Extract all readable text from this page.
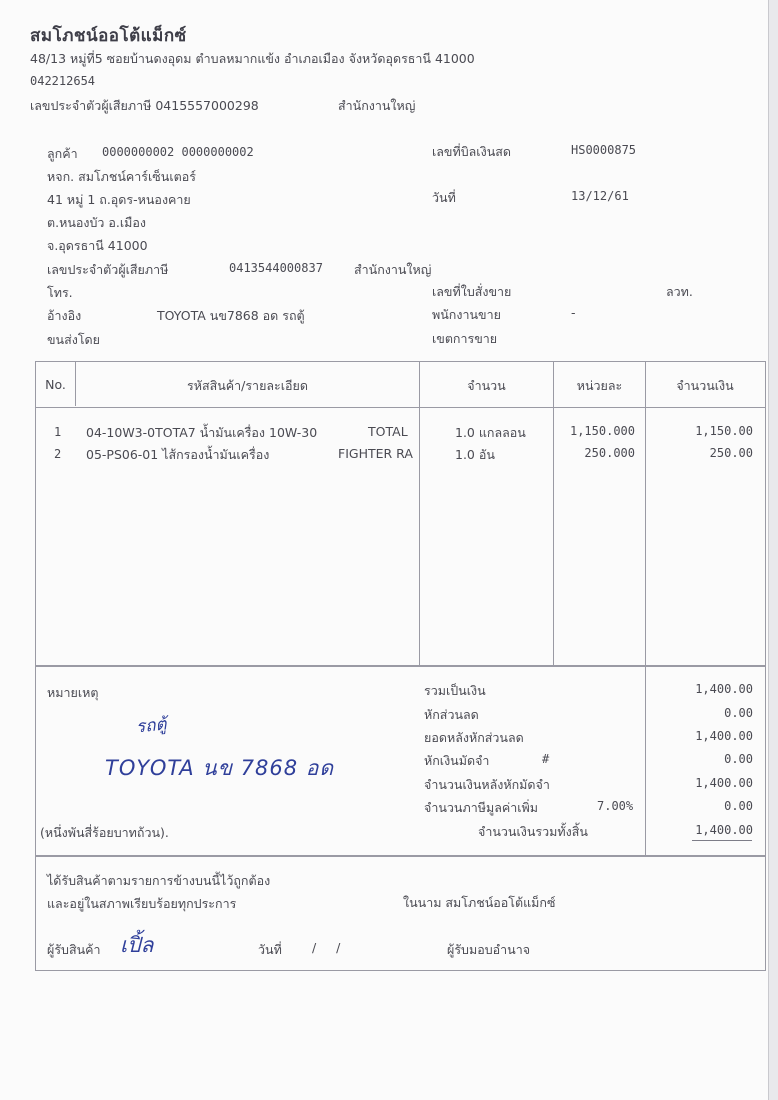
สมโภชน์ออโต้แม็กซ์
48/13 หมู่ที่5 ซอยบ้านดงอุดม ตำบลหมากแข้ง อำเภอเมือง จังหวัดอุดรธานี 41000
042212654
เลขประจำตัวผู้เสียภาษี 0415557000298	สำนักงานใหญ่
ลูกค้า 0000000002 0000000002
หจก. สมโภชน์คาร์เซ็นเตอร์
41 หมู่ 1 ถ.อุดร-หนองคาย
ต.หนองบัว อ.เมือง
จ.อุดรธานี 41000
เลขประจำตัวผู้เสียภาษี	0413544000837 สำนักงานใหญ่
โทร.
อ้างอิง	TOYOTA นข7868 อด รถตู้
ขนส่งโดย
เลขที่บิลเงินสด	HS0000875
วันที่	13/12/61
เลขที่ใบสั่งขาย	ลวท.
พนักงานขาย	-
เขตการขาย
No.	รหัสสินค้า/รายละเอียด	จำนวน	หน่วยละ	จำนวนเงิน
1 04-10W3-0TOTA7 น้ำมันเครื่อง 10W-30	TOTAL	1.0 แกลลอน	1,150.000	1,150.00
2 05-PS06-01 ไส้กรองน้ำมันเครื่อง	FIGHTER RA	1.0 อัน	250.000	250.00
หมายเหตุ
(หนึ่งพันสี่ร้อยบาทถ้วน).
รวมเป็นเงิน	1,400.00
หักส่วนลด	0.00
ยอดหลังหักส่วนลด	1,400.00
หักเงินมัดจำ	#	0.00
จำนวนเงินหลังหักมัดจำ	1,400.00
จำนวนภาษีมูลค่าเพิ่ม	7.00%	0.00
จำนวนเงินรวมทั้งสิ้น	1,400.00
รถตู้
TOYOTA นข 7868 อด
ได้รับสินค้าตามรายการข้างบนนี้ไว้ถูกต้อง
และอยู่ในสภาพเรียบร้อยทุกประการ	ในนาม สมโภชน์ออโต้แม็กซ์
ผู้รับสินค้า เปิ้ล	วันที่ /     /	ผู้รับมอบอำนาจ
